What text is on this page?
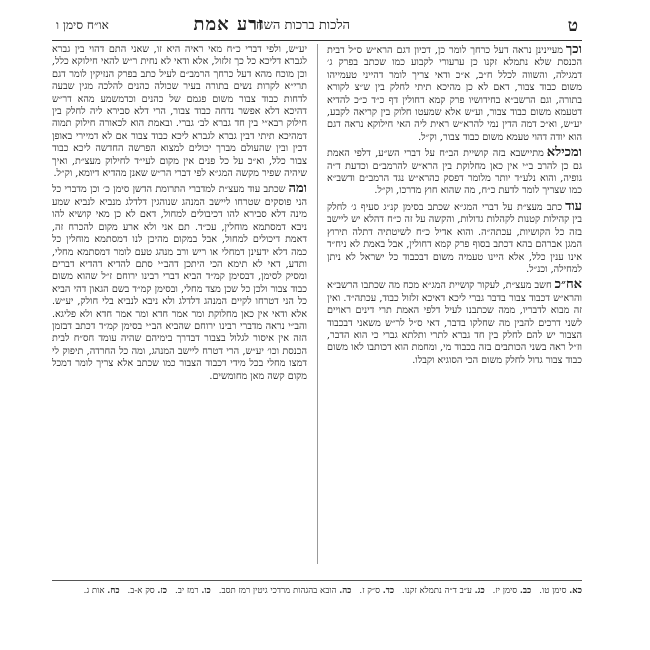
ט
הלכות ברכות השחר
זרע אמת
או״ח סימן ו
וכךמעיינינן נראה דעל כרחך לומר כן, דכיון דגם הרא״ש ס״ל דבית הכנסת שלא נתמלא זקנו כן ערעורי לקבוע כמו שכתב בפרק ג׳ דמגילה, והשווה לכלל ח״ב, א״כ ודאי צריך לומר דהייני טעמייהו משום כבוד צבור, דאם לא כן מהיכא תיתי לחלק בין ש״צ לקורא בתורה, וגם הרשב״א בחידושיו פרק קמא דחולין דף כ״ד כ״כ להדיא דטעמא משום כבוד צבור, וע״ש אלא שמעטו חלוק בין קריאה לקבע, יע״ש, וא״כ דמה הדין נמי להרא״ש ראית ליה האי חילוקא נראה דגם הוא יודה דהוי טעמא משום כבוד צבור, וק״ל.
ומכילאמתיישבא בזה קושיית הב״ח על דברי הש״ע, דלפי האמת גם כן להרב ב״י אין כאן מחלוקת בין הרא״ש להרמב״ם וכדעת ד״ה גופיה, והוא נלע״ד יותר מלומר דפסק כהרא״ש נגד הרמב״ם ודשב״א כמו שצריך לומר לדעת כ״ח, מה שהוא חוץ מדרכו, וק״ל.
עודכתב מעצ״ת על דברי המג״א שכתב בסימן קנ״ג סעיף ג׳ לחלק בין קהילות קטנות לקהלות גדולות, והקשה על זה כ״ח דהלא יש ליישב בזה כל הקושיות, עכתה״ה. והוא אדיל כ״ח לשיטתיה דתלה תירוץ המגן אברהם בהא דכתב בסוף פרק קמא דחולין, אבל באמת לא ניח״ד אינו ענין כלל, אלא היינו טעמיה משום דבכבוד כל ישראל לא ניתן למחילה, וכנ״ל.
אח״כחשב מעצ״ת, לעקור קושיית המג״א מכח מה שכתבו הרשב״א והרא״ש דכבוד צבור בדבר גברי ליכא דאיכא זלזול כבוד, עכתה״ד. ואין זה מבוא לדבריו, ממה שכתבנו לעיל דלפי האמת תרי דינים ראויים לשני דרכים להבין מה שחלקו בדבר, דאי ס״ל לר״ש משאני דבכבוד הצבור יש להם לחלק בין חד גברא לתרי ותלתא גברי כי הוא הדבר, וז״ל ראה בשני הכותבים בזה בכבוד מי, ומחמת הוא דכותבו לאו משום כבוד צבור גדול לחלק משום הכי הסוגיא וקבלו.
יע״ש, ולפי דברי כ״ח מאי ראיה היא זו, שאני התם דהוי בין גברא לגברא דליכא כל כך זלזול, אלא ודאי לא נחית ר״ש להאי חילוקא כלל, וכן מוכח מהא דעל כרחך הרמב״ם לעיל כתב בפרק הנזיקין לומר דגם תרי״א לקרות נשים בתורה בעיר שכולה כהנים להלכה מגין שבעה לדחות כבוד צבור משום פגמם של כהנים וכדמשמע מהא דר״ש דהיכא דלא אפשר נדחה כבוד צבור, הרי דלא סבירא ליה לחלק בין חילוק רבא״י בין חד גברא לב׳ גברי. ובאמת הוא לכאורה חילוק תמוה דמהיכא תיתי דבין גברא לגברא ליכא כבוד צבור אם לא דמיירי באופן דבין ובין שהעולם מברך יכולים למצוא הפרשה החדשה ליכא כבוד צבור כלל, וא״כ על כל פנים אין מקום לעי״ד לחילוק מעצ״ת, ואיך שיהיה שפיר מקשה המג״א לפי דברי הר״ש שאנן מהדיא דיומא, וק״ל.
ומהשכתב עוד מעצ״ת למדברי התרומת הדשן סימן כ׳ וכן מדברי כל הני פוסקים שטרחו ליישב המנהג שנוהגין דלדלג מנביא לנביא שמע מינה דלא סבירא להו דכיבולים למחול, דאם לא כן מאי קושיא להו ניבא דמסתמא מוחלין, עכ״ד. תם אני ולא ארע מקום להכרח זה, דאמת דיכולים למחול, אבל במקום מהיכן לנו דמסתמא מוחלין כל כמה דלא ידעינן דמחלי או ריש ורב מנהג טעם לומר דמסתמא מחלי, ותדע, דאי לא תימא הכי היתכן דהב״י סתם להדיא דהדיא דברים ומסיק לסימן, דבסימן קמ״ד הביא דברי רבינו ירוחם ז״ל שהוא משום כבוד צבור ולכן כל שכן מצד מחלי, ובסימן קמ״ד בשם הגאון דהי הביא כל הני דטרחו לקיים המנהג דלדלג ולא ניבא לנביא בלי חולק, יע״ש. אלא ודאי אין כאן מחלוקת ומר אמר חדא ומר אמר חדא ולא פליגא. והב״י נראה מדברי רבינו ירוחם שהביא הב״י בסימן קמ״ד דכתב דבזמן הזה אין איסור לגלול בצבור דבדרך בימיהם שהיה עומד חס״ח לבית הכנסת וכו׳ יע״ש, הרי דטרח ליישב המנהג, ומה כל החרדה, תיפוק לי דמצו מחלי בכל מידי דכבוד הצבור כמו שכתב אלא צריך לומר דמכל מקום קשה מאן מחומשים.
כא. סימן טו.כב. סימן יז.כג. ע״ב ד״ה נתמלא זקנו.כד. ס״ק ז.כה. הובא בהגהות מרדכי גיטין רמז תסב.כו. רמז יב.כז. סק א-ב.כח. אות ג.
